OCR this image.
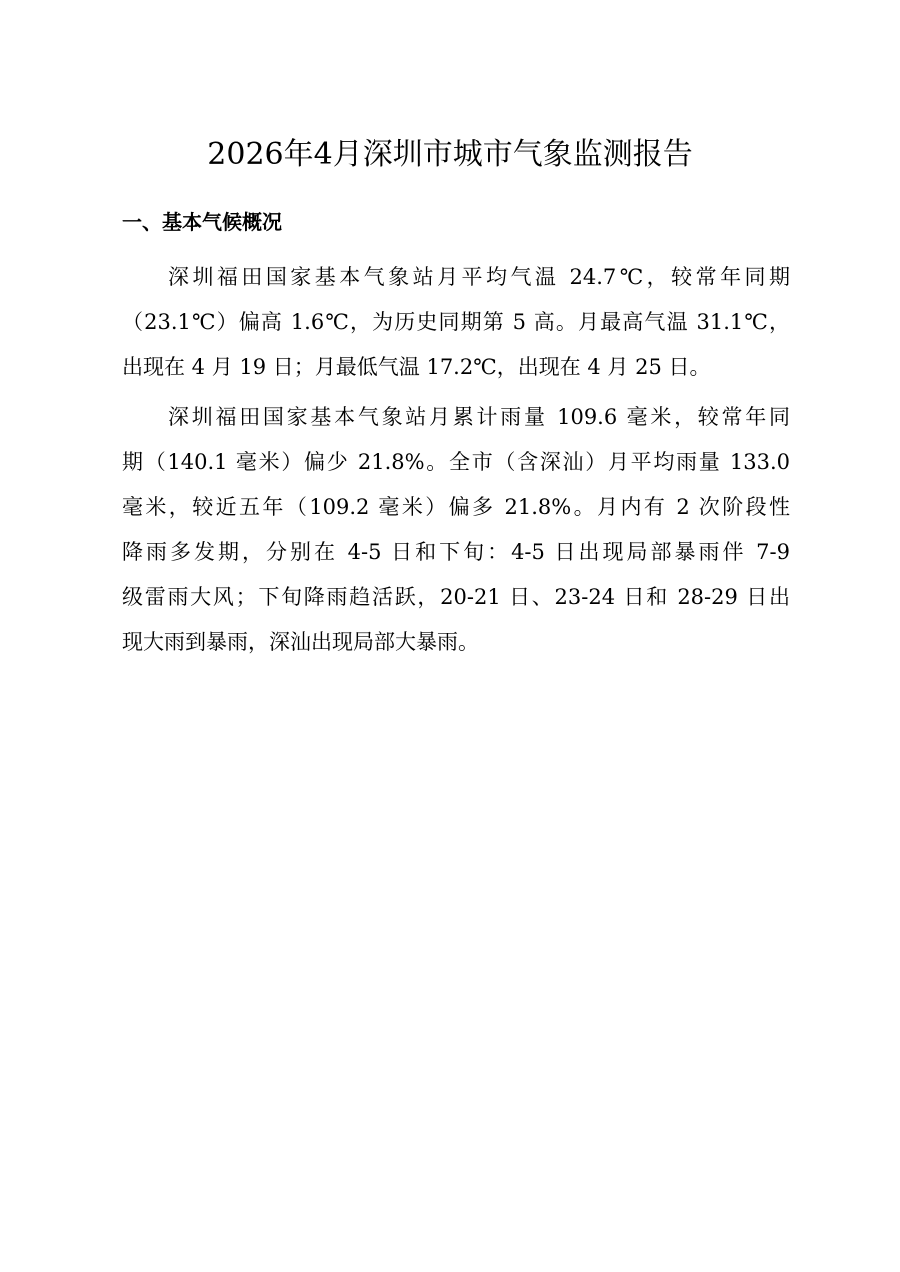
2026年4月深圳市城市气象监测报告
一、基本气候概况
深圳福田国家基本气象站月平均气温 24.7℃，较常年同期
（23.1℃）偏高 1.6℃，为历史同期第 5 高。月最高气温 31.1℃，
出现在 4 月 19 日；月最低气温 17.2℃，出现在 4 月 25 日。
深圳福田国家基本气象站月累计雨量 109.6 毫米，较常年同
期（140.1 毫米）偏少 21.8%。全市（含深汕）月平均雨量 133.0
毫米，较近五年（109.2 毫米）偏多 21.8%。月内有 2 次阶段性
降雨多发期，分别在 4-5 日和下旬：4-5 日出现局部暴雨伴 7-9
级雷雨大风；下旬降雨趋活跃，20-21 日、23-24 日和 28-29 日出
现大雨到暴雨，深汕出现局部大暴雨。
